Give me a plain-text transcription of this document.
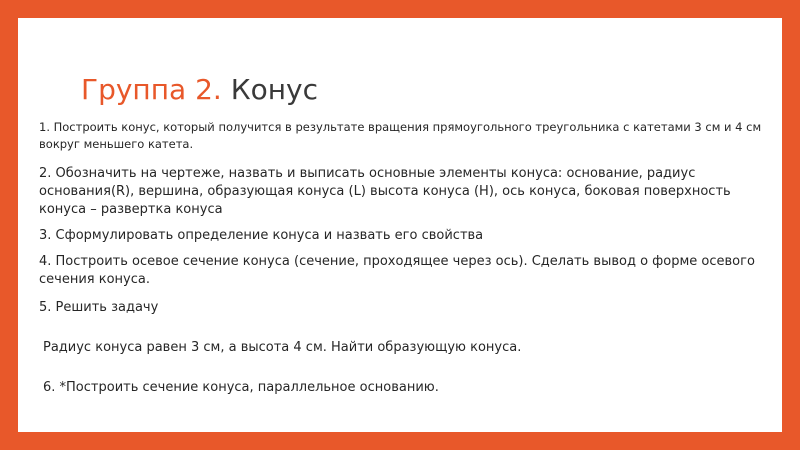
Группа 2. Конус

1. Построить конус, который получится в результате вращения прямоугольного треугольника с катетами 3 см и 4 см вокруг меньшего катета.

2. Обозначить на чертеже, назвать и выписать основные элементы конуса: основание, радиус основания(R), вершина, образующая конуса (L) высота конуса (H), ось конуса, боковая поверхность конуса – развертка конуса

3. Сформулировать определение конуса и назвать его свойства

4. Построить осевое сечение конуса (сечение, проходящее через ось). Сделать вывод о форме осевого сечения конуса.

5. Решить задачу

Радиус конуса равен 3 см, а высота 4 см. Найти образующую конуса.

6. *Построить сечение конуса, параллельное основанию.
